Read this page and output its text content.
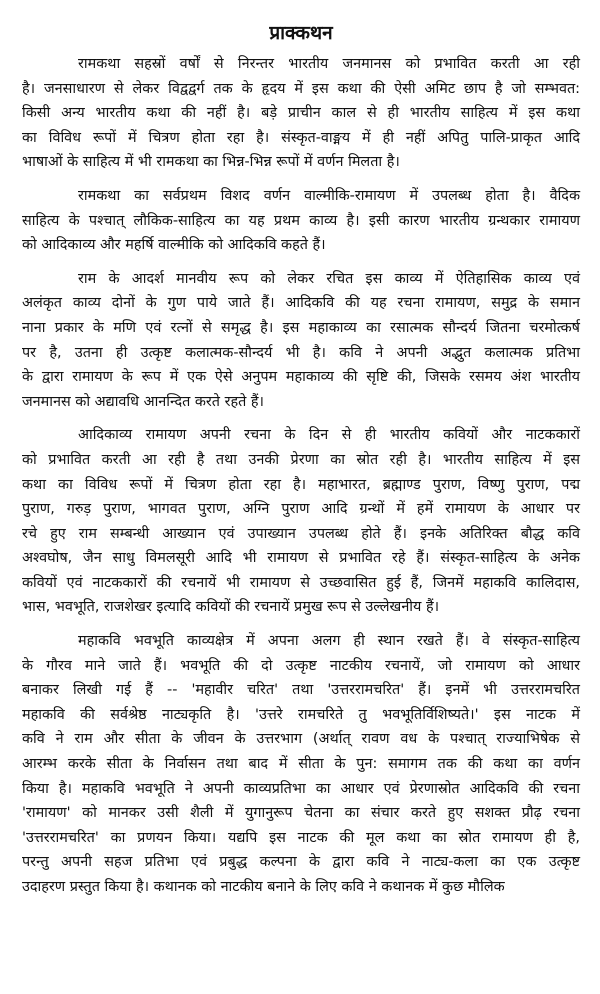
प्राक्कथन
रामकथा सहस्रों वर्षों से निरन्तर भारतीय जनमानस को प्रभावित करती आ रही
है। जनसाधारण से लेकर विद्वद्वर्ग तक के हृदय में इस कथा की ऐसी अमिट छाप है जो सम्भवत:
किसी अन्य भारतीय कथा की नहीं है। बड़े प्राचीन काल से ही भारतीय साहित्य में इस कथा
का विविध रूपों में चित्रण होता रहा है। संस्कृत-वाङ्मय में ही नहीं अपितु पालि-प्राकृत आदि
भाषाओं के साहित्य में भी रामकथा का भिन्न-भिन्न रूपों में वर्णन मिलता है।
रामकथा का सर्वप्रथम विशद वर्णन वाल्मीकि-रामायण में उपलब्ध होता है। वैदिक
साहित्य के पश्चात् लौकिक-साहित्य का यह प्रथम काव्य है। इसी कारण भारतीय ग्रन्थकार रामायण
को आदिकाव्य और महर्षि वाल्मीकि को आदिकवि कहते हैं।
राम के आदर्श मानवीय रूप को लेकर रचित इस काव्य में ऐतिहासिक काव्य एवं
अलंकृत काव्य दोनों के गुण पाये जाते हैं। आदिकवि की यह रचना रामायण, समुद्र के समान
नाना प्रकार के मणि एवं रत्नों से समृद्ध है। इस महाकाव्य का रसात्मक सौन्दर्य जितना चरमोत्कर्ष
पर है, उतना ही उत्कृष्ट कलात्मक-सौन्दर्य भी है। कवि ने अपनी अद्भुत कलात्मक प्रतिभा
के द्वारा रामायण के रूप में एक ऐसे अनुपम महाकाव्य की सृष्टि की, जिसके रसमय अंश भारतीय
जनमानस को अद्यावधि आनन्दित करते रहते हैं।
आदिकाव्य रामायण अपनी रचना के दिन से ही भारतीय कवियों और नाटककारों
को प्रभावित करती आ रही है तथा उनकी प्रेरणा का स्रोत रही है। भारतीय साहित्य में इस
कथा का विविध रूपों में चित्रण होता रहा है। महाभारत, ब्रह्माण्ड पुराण, विष्णु पुराण, पद्म
पुराण, गरुड़ पुराण, भागवत पुराण, अग्नि पुराण आदि ग्रन्थों में हमें रामायण के आधार पर
रचे हुए राम सम्बन्धी आख्यान एवं उपाख्यान उपलब्ध होते हैं। इनके अतिरिक्त बौद्ध कवि
अश्वघोष, जैन साधु विमलसूरी आदि भी रामायण से प्रभावित रहे हैं। संस्कृत-साहित्य के अनेक
कवियों एवं नाटककारों की रचनायें भी रामायण से उच्छवासित हुई हैं, जिनमें महाकवि कालिदास,
भास, भवभूति, राजशेखर इत्यादि कवियों की रचनायें प्रमुख रूप से उल्लेखनीय हैं।
महाकवि भवभूति काव्यक्षेत्र में अपना अलग ही स्थान रखते हैं। वे संस्कृत-साहित्य
के गौरव माने जाते हैं। भवभूति की दो उत्कृष्ट नाटकीय रचनायें, जो रामायण को आधार
बनाकर लिखी गई हैं -- 'महावीर चरित' तथा 'उत्तररामचरित' हैं। इनमें भी उत्तररामचरित
महाकवि की सर्वश्रेष्ठ नाट्यकृति है। 'उत्तरे रामचरिते तु भवभूतिर्विशिष्यते।' इस नाटक में
कवि ने राम और सीता के जीवन के उत्तरभाग (अर्थात् रावण वध के पश्चात् राज्याभिषेक से
आरम्भ करके सीता के निर्वासन तथा बाद में सीता के पुन: समागम तक की कथा का वर्णन
किया है। महाकवि भवभूति ने अपनी काव्यप्रतिभा का आधार एवं प्रेरणास्रोत आदिकवि की रचना
'रामायण' को मानकर उसी शैली में युगानुरूप चेतना का संचार करते हुए सशक्त प्रौढ़ रचना
'उत्तररामचरित' का प्रणयन किया। यद्यपि इस नाटक की मूल कथा का स्रोत रामायण ही है,
परन्तु अपनी सहज प्रतिभा एवं प्रबुद्ध कल्पना के द्वारा कवि ने नाट्य-कला का एक उत्कृष्ट
उदाहरण प्रस्तुत किया है। कथानक को नाटकीय बनाने के लिए कवि ने कथानक में कुछ मौलिक
